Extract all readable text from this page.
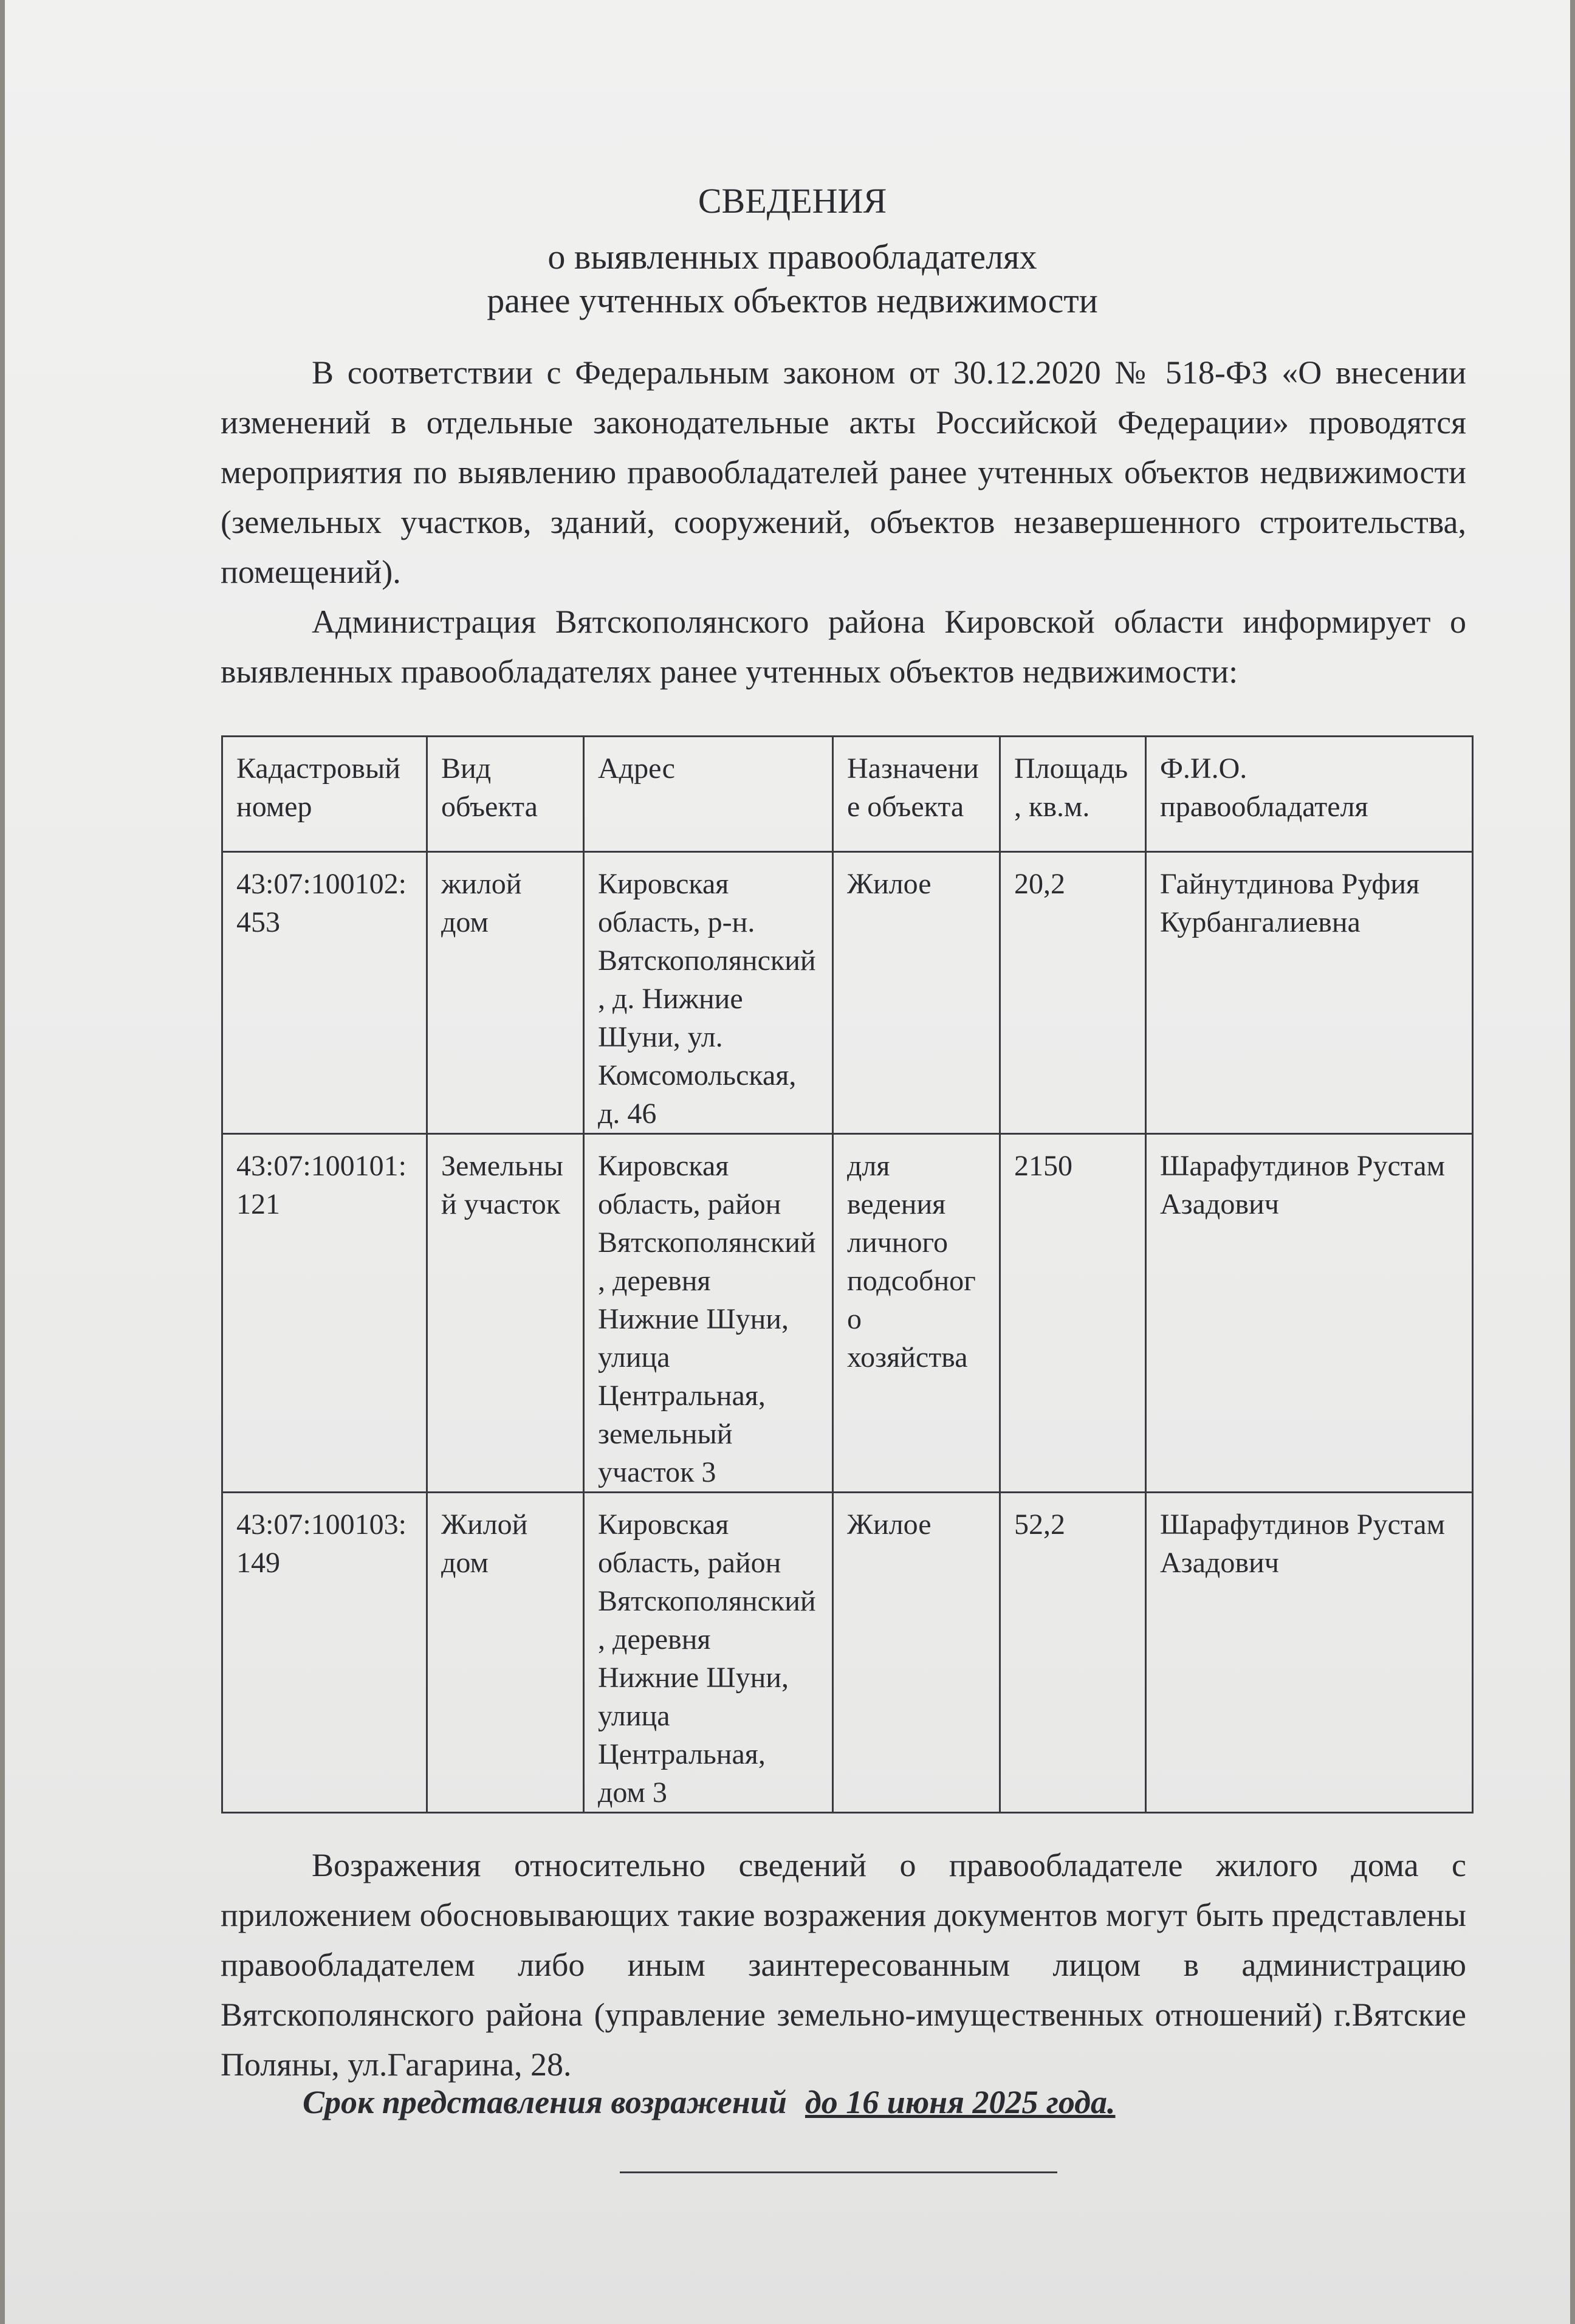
СВЕДЕНИЯ
о выявленных правообладателях
ранее учтенных объектов недвижимости

В соответствии с Федеральным законом от 30.12.2020 № 518-ФЗ «О внесении изменений в отдельные законодательные акты Российской Федерации» проводятся мероприятия по выявлению правообладателей ранее учтенных объектов недвижимости (земельных участков, зданий, сооружений, объектов незавершенного строительства, помещений).

Администрация Вятскополянского района Кировской области информирует о выявленных правообладателях ранее учтенных объектов недвижимости:

Кадастровый номер	Вид объекта	Адрес	Назначение объекта	Площадь, кв.м.	Ф.И.О. правообладателя
43:07:100102:453	жилой дом	Кировская область, р-н. Вятскополянский, д. Нижние Шуни, ул. Комсомольская, д. 46	Жилое	20,2	Гайнутдинова Руфия Курбангалиевна
43:07:100101:121	Земельный участок	Кировская область, район Вятскополянский, деревня Нижние Шуни, улица Центральная, земельный участок 3	для ведения личного подсобного хозяйства	2150	Шарафутдинов Рустам Азадович
43:07:100103:149	Жилой дом	Кировская область, район Вятскополянский, деревня Нижние Шуни, улица Центральная, дом 3	Жилое	52,2	Шарафутдинов Рустам Азадович

Возражения относительно сведений о правообладателе жилого дома с приложением обосновывающих такие возражения документов могут быть представлены правообладателем либо иным заинтересованным лицом в администрацию Вятскополянского района (управление земельно-имущественных отношений) г.Вятские Поляны, ул.Гагарина, 28.

Срок представления возражений до 16 июня 2025 года.
